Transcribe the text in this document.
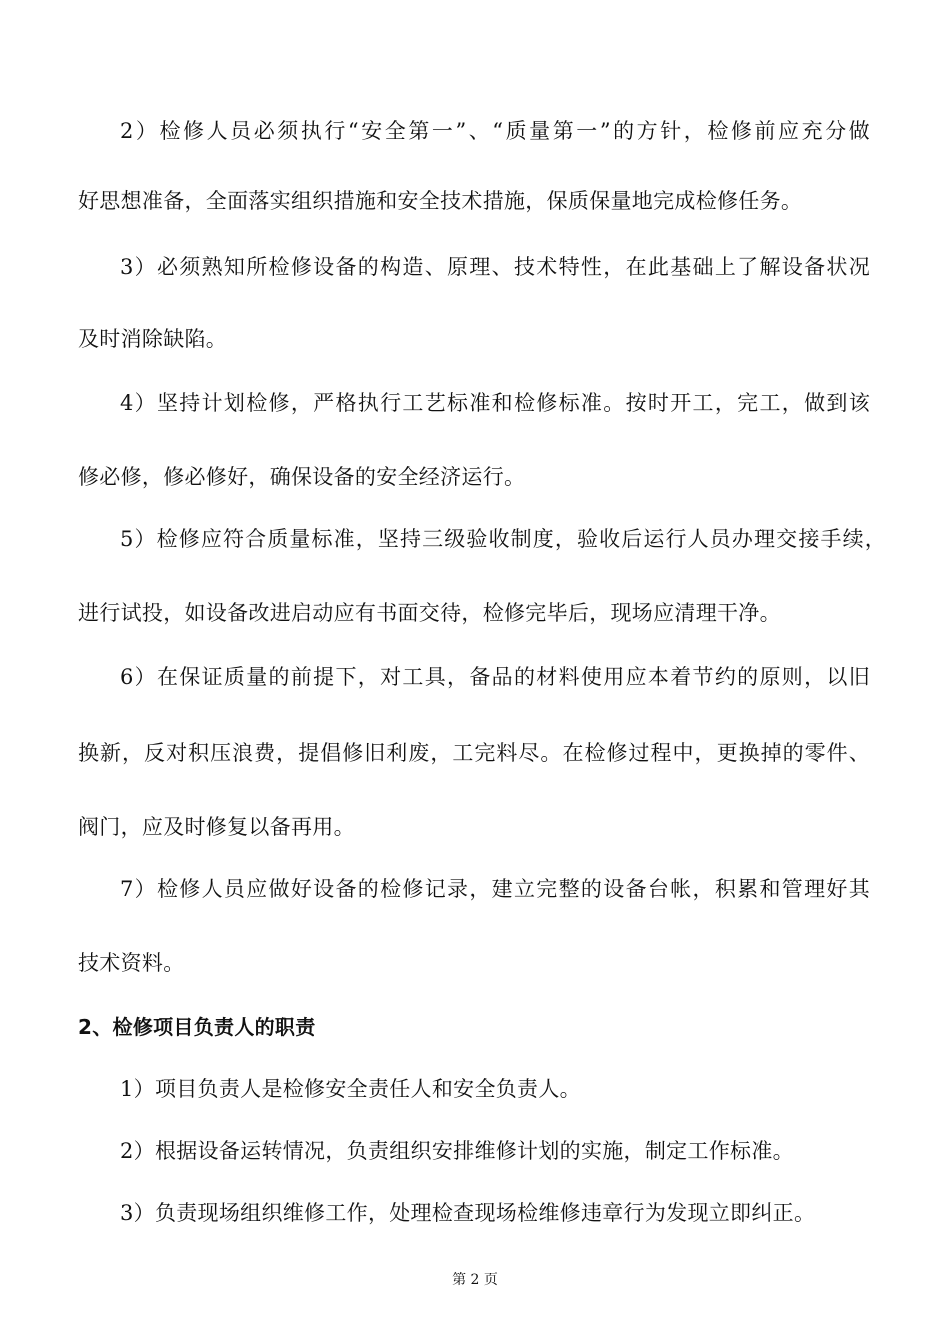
2）检修人员必须执行“安全第一”、“质量第一”的方针，检修前应充分做
好思想准备，全面落实组织措施和安全技术措施，保质保量地完成检修任务。
3）必须熟知所检修设备的构造、原理、技术特性，在此基础上了解设备状况
及时消除缺陷。
4）坚持计划检修，严格执行工艺标准和检修标准。按时开工，完工，做到该
修必修，修必修好，确保设备的安全经济运行。
5）检修应符合质量标准，坚持三级验收制度，验收后运行人员办理交接手续，
进行试投，如设备改进启动应有书面交待，检修完毕后，现场应清理干净。
6）在保证质量的前提下，对工具，备品的材料使用应本着节约的原则，以旧
换新，反对积压浪费，提倡修旧利废，工完料尽。在检修过程中，更换掉的零件、
阀门，应及时修复以备再用。
7）检修人员应做好设备的检修记录，建立完整的设备台帐，积累和管理好其
技术资料。
2、检修项目负责人的职责
1）项目负责人是检修安全责任人和安全负责人。
2）根据设备运转情况，负责组织安排维修计划的实施，制定工作标准。
3）负责现场组织维修工作，处理检查现场检维修违章行为发现立即纠正。
第 2 页
